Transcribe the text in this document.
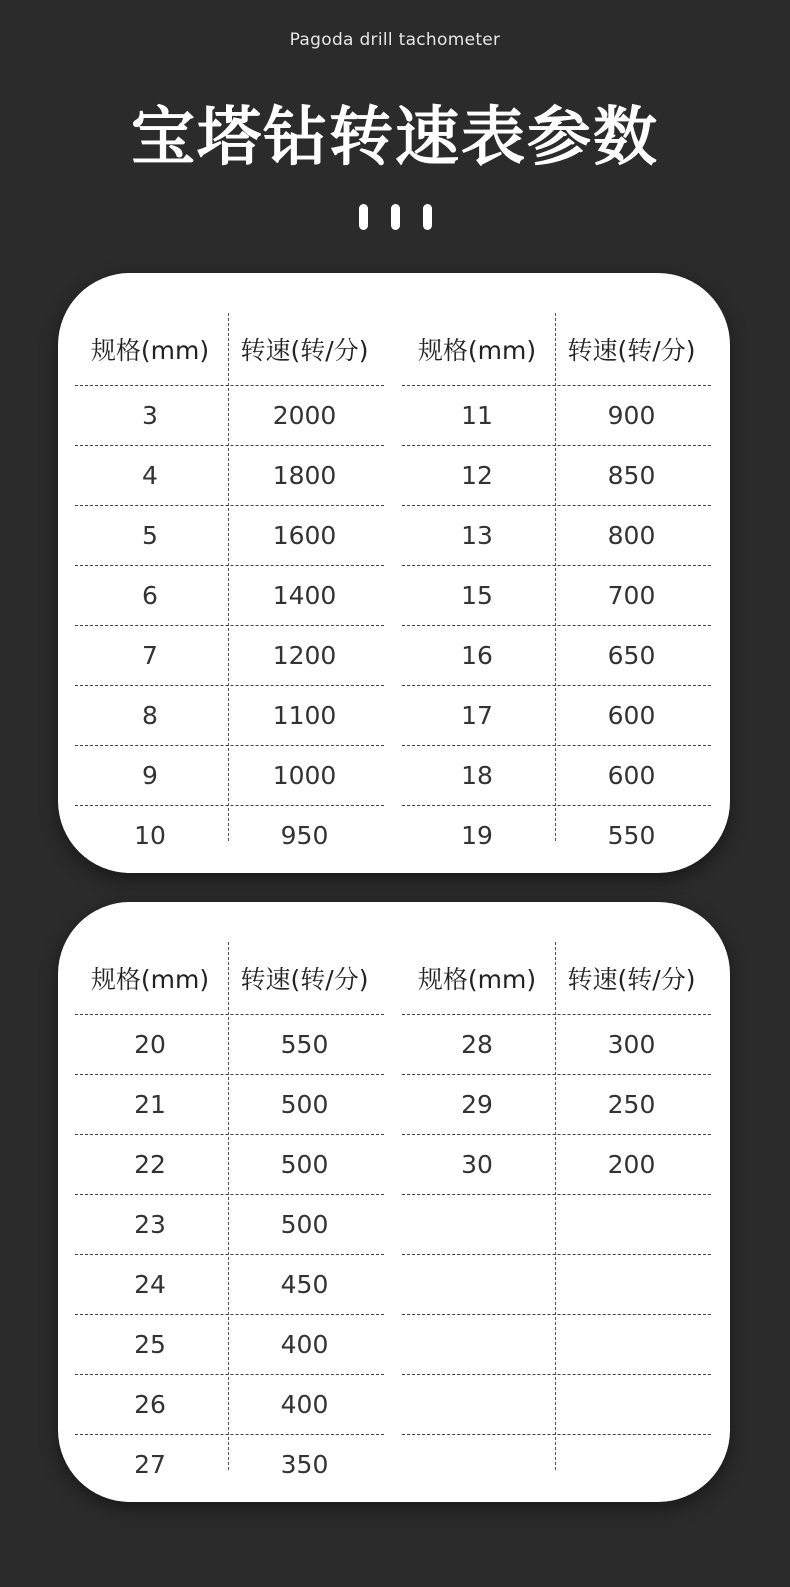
Pagoda drill tachometer
宝塔钻转速表参数
规格(mm)	转速(转/分)
3	2000
4	1800
5	1600
6	1400
7	1200
8	1100
9	1000
10	950
规格(mm)	转速(转/分)
11	900
12	850
13	800
15	700
16	650
17	600
18	600
19	550
规格(mm)	转速(转/分)
20	550
21	500
22	500
23	500
24	450
25	400
26	400
27	350
规格(mm)	转速(转/分)
28	300
29	250
30	200
